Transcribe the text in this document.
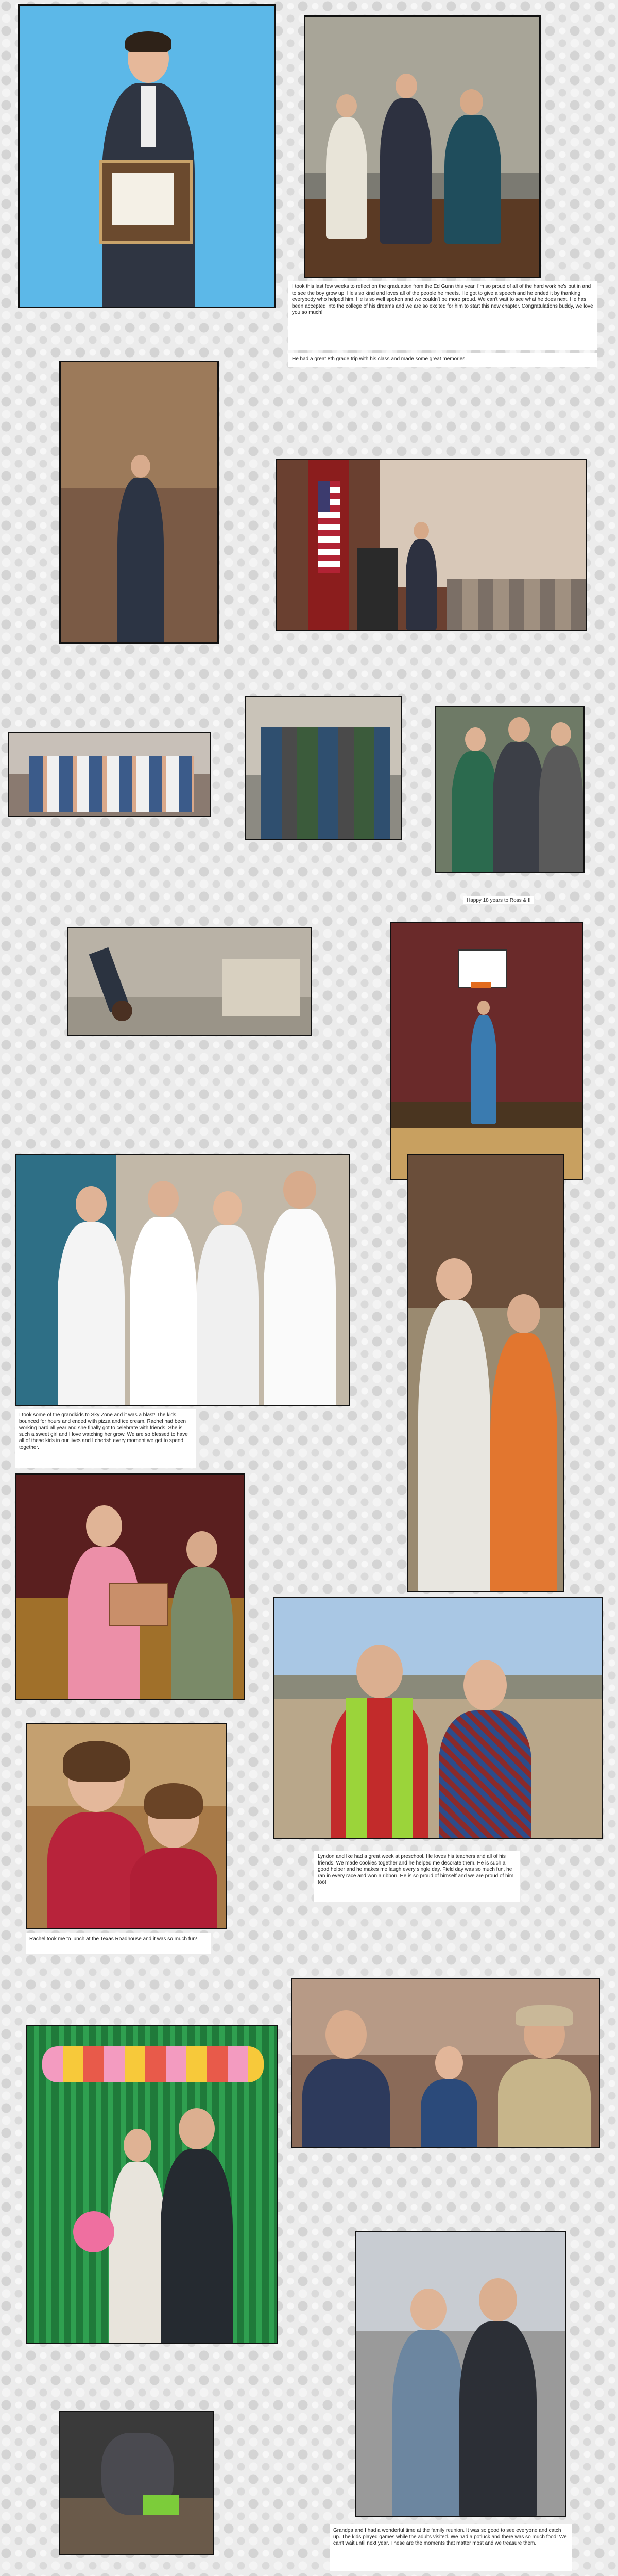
I took this last few weeks to reflect on the graduation from the Ed Gunn this year. I'm so proud of all of the hard work he's put in and to see the boy grow up. He's so kind and loves all of the people he meets. He got to give a speech and he ended it by thanking everybody who helped him. He is so well spoken and we couldn't be more proud. We can't wait to see what he does next. He has been accepted into the college of his dreams and we are so excited for him to start this new chapter. Congratulations buddy, we love you so much!
He had a great 8th grade trip with his class and made some great memories.
Happy 18 years to Ross & I!
I took some of the grandkids to Sky Zone and it was a blast! The kids bounced for hours and ended with pizza and ice cream. Rachel had been working hard all year and she finally got to celebrate with friends. She is such a sweet girl and I love watching her grow. We are so blessed to have all of these kids in our lives and I cherish every moment we get to spend together.
Lyndon and Ike had a great week at preschool. He loves his teachers and all of his friends. We made cookies together and he helped me decorate them. He is such a good helper and he makes me laugh every single day. Field day was so much fun, he ran in every race and won a ribbon. He is so proud of himself and we are proud of him too!
Rachel took me to lunch at the Texas Roadhouse and it was so much fun!
Grandpa and I had a wonderful time at the family reunion. It was so good to see everyone and catch up. The kids played games while the adults visited. We had a potluck and there was so much food! We can't wait until next year. These are the moments that matter most and we treasure them.
